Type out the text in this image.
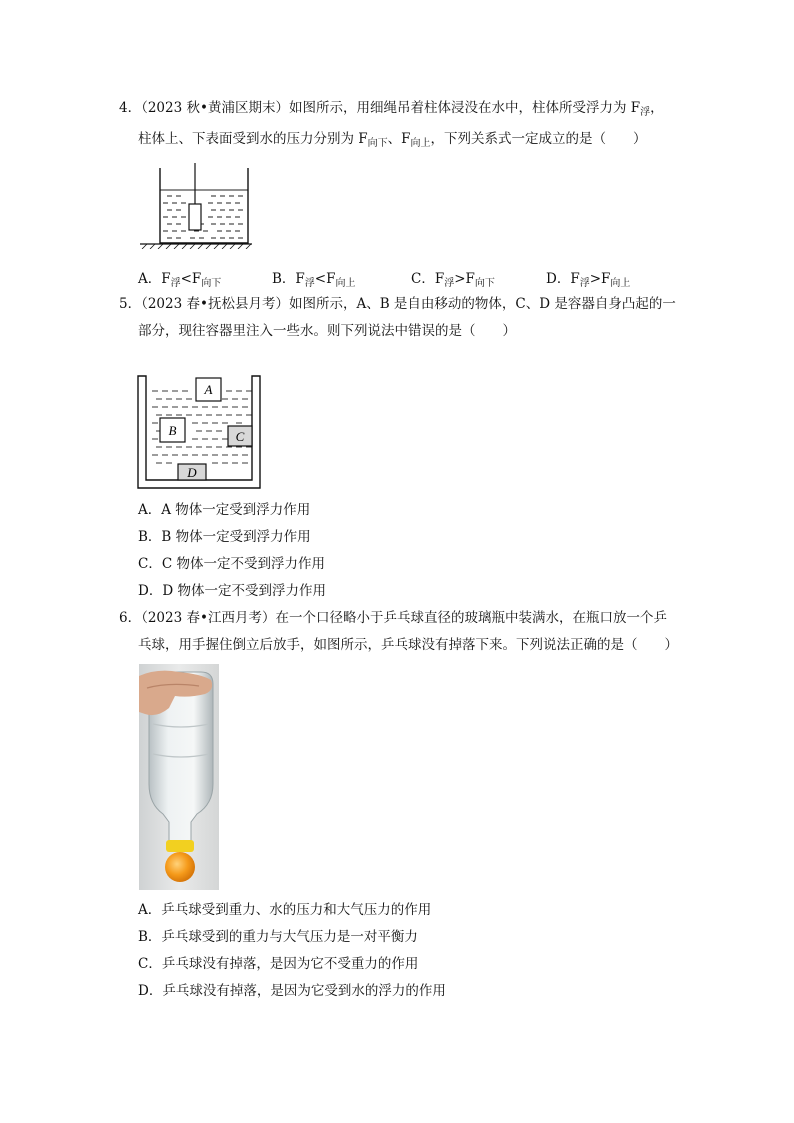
4．（2023 秋•黄浦区期末）如图所示，用细绳吊着柱体浸没在水中，柱体所受浮力为 $F_浮$，
柱体上、下表面受到水的压力分别为 $F_{向下}$、$F_{向上}$，下列关系式一定成立的是（　　）
A．$F_浮<F_{向下}$	B．$F_浮<F_{向上}$	C．$F_浮>F_{向下}$	D．$F_浮>F_{向上}$
5．（2023 春•抚松县月考）如图所示，A、B 是自由移动的物体，C、D 是容器自身凸起的一
部分，现往容器里注入一些水。则下列说法中错误的是（　　）
A
B	C
D
A．A 物体一定受到浮力作用
B．B 物体一定受到浮力作用
C．C 物体一定不受到浮力作用
D．D 物体一定不受到浮力作用
6．（2023 春•江西月考）在一个口径略小于乒乓球直径的玻璃瓶中装满水，在瓶口放一个乒
乓球，用手握住倒立后放手，如图所示，乒乓球没有掉落下来。下列说法正确的是（　　）
A．乒乓球受到重力、水的压力和大气压力的作用
B．乒乓球受到的重力与大气压力是一对平衡力
C．乒乓球没有掉落，是因为它不受重力的作用
D．乒乓球没有掉落，是因为它受到水的浮力的作用
